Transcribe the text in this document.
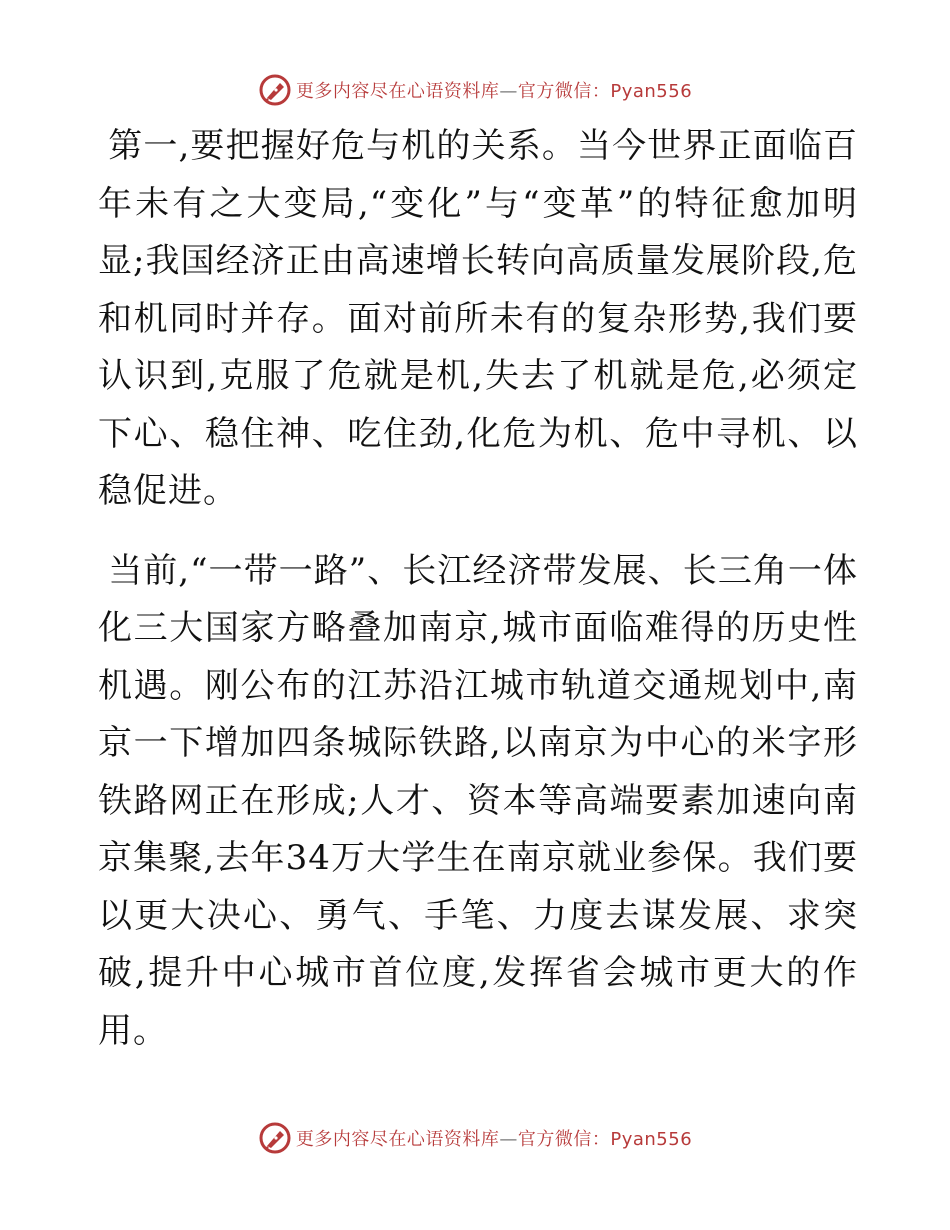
更多内容尽在心语资料库—官方微信：Pyan556

第一,要把握好危与机的关系。当今世界正面临百年未有之大变局,“变化”与“变革”的特征愈加明显;我国经济正由高速增长转向高质量发展阶段,危和机同时并存。面对前所未有的复杂形势,我们要认识到,克服了危就是机,失去了机就是危,必须定下心、稳住神、吃住劲,化危为机、危中寻机、以稳促进。

当前,“一带一路”、长江经济带发展、长三角一体化三大国家方略叠加南京,城市面临难得的历史性机遇。刚公布的江苏沿江城市轨道交通规划中,南京一下增加四条城际铁路,以南京为中心的米字形铁路网正在形成;人才、资本等高端要素加速向南京集聚,去年34万大学生在南京就业参保。我们要以更大决心、勇气、手笔、力度去谋发展、求突破,提升中心城市首位度,发挥省会城市更大的作用。

更多内容尽在心语资料库—官方微信：Pyan556
